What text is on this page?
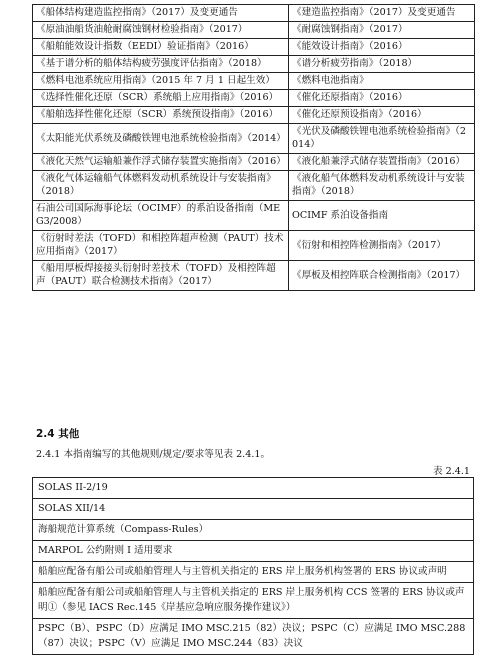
《船体结构建造监控指南》（2017）及变更通告	《建造监控指南》（2017）及变更通告
《原油油船货油舱耐腐蚀钢材检验指南》（2017）	《耐腐蚀钢指南》（2017）
《船舶能效设计指数（EEDI）验证指南》（2016）	《能效设计指南》（2016）
《基于谱分析的船体结构疲劳强度评估指南》（2018）	《谱分析疲劳指南》（2018）
《燃料电池系统应用指南》（2015 年 7 月 1 日起生效）	《燃料电池指南》
《选择性催化还原（SCR）系统船上应用指南》（2016）	《催化还原指南》（2016）
《船舶选择性催化还原（SCR）系统预设指南》（2016）	《催化还原预设指南》（2016）
《太阳能光伏系统及磷酸铁锂电池系统检验指南》（2014）	《光伏及磷酸铁锂电池系统检验指南》（2014）
《液化天然气运输船兼作浮式储存装置实施指南》（2016）	《液化船兼浮式储存装置指南》（2016）
《液化气体运输船气体燃料发动机系统设计与安装指南》（2018）	《液化船气体燃料发动机系统设计与安装指南》（2018）
石油公司国际海事论坛（OCIMF）的系泊设备指南（MEG3/2008）	OCIMF 系泊设备指南
《衍射时差法（TOFD）和相控阵超声检测（PAUT）技术应用指南》（2017）	《衍射和相控阵检测指南》（2017）
《船用厚板焊接接头衍射时差技术（TOFD）及相控阵超声（PAUT）联合检测技术指南》（2017）	《厚板及相控阵联合检测指南》（2017）
2.4 其他
2.4.1 本指南编写的其他规则/规定/要求等见表 2.4.1。
表 2.4.1
SOLAS II-2/19
SOLAS XII/14
海船规范计算系统（Compass-Rules）
MARPOL 公约附则 I 适用要求
船舶应配备有船公司或船舶管理人与主管机关指定的 ERS 岸上服务机构签署的 ERS 协议或声明
船舶应配备有船公司或船舶管理人与主管机关指定的 ERS 岸上服务机构 CCS 签署的 ERS 协议或声明①（参见 IACS Rec.145《岸基应急响应服务操作建议》）
PSPC（B）、PSPC（D）应满足 IMO MSC.215（82）决议；PSPC（C）应满足 IMO MSC.288（87）决议；PSPC（V）应满足 IMO MSC.244（83）决议
